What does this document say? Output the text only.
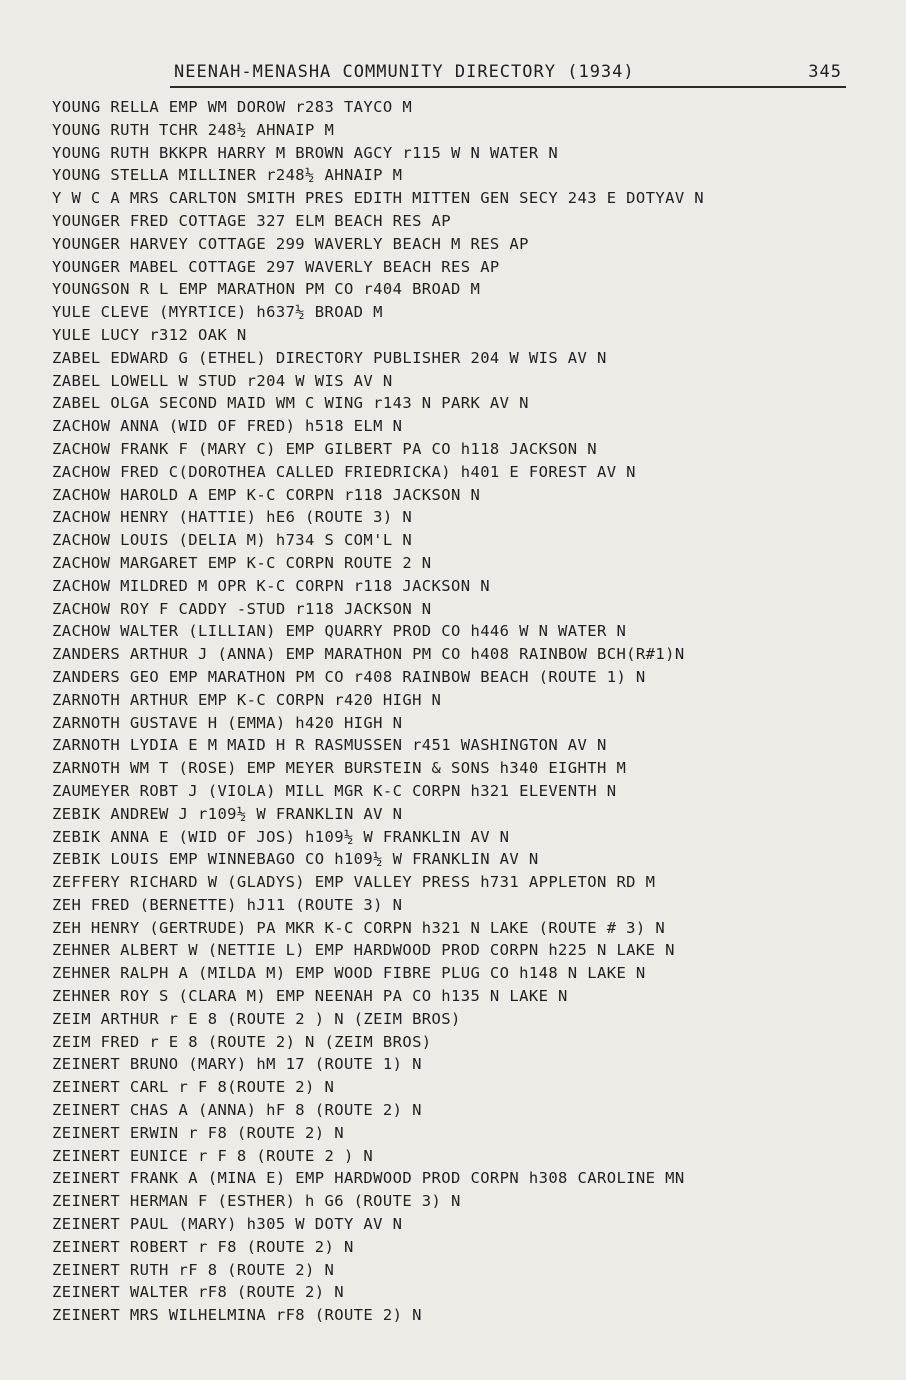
NEENAH-MENASHA COMMUNITY DIRECTORY (1934)	345
YOUNG RELLA EMP WM DOROW r283 TAYCO M
YOUNG RUTH TCHR 248½ AHNAIP M
YOUNG RUTH BKKPR HARRY M BROWN AGCY r115 W N WATER N
YOUNG STELLA MILLINER r248½ AHNAIP M
Y W C A MRS CARLTON SMITH PRES EDITH MITTEN GEN SECY 243 E DOTYAV N
YOUNGER FRED COTTAGE 327 ELM BEACH RES AP
YOUNGER HARVEY COTTAGE 299 WAVERLY BEACH M RES AP
YOUNGER MABEL COTTAGE 297 WAVERLY BEACH RES AP
YOUNGSON R L EMP MARATHON PM CO r404 BROAD M
YULE CLEVE (MYRTICE) h637½ BROAD M
YULE LUCY r312 OAK N
ZABEL EDWARD G (ETHEL) DIRECTORY PUBLISHER 204 W WIS AV N
ZABEL LOWELL W STUD r204 W WIS AV N
ZABEL OLGA SECOND MAID WM C WING r143 N PARK AV N
ZACHOW ANNA (WID OF FRED) h518 ELM N
ZACHOW FRANK F (MARY C) EMP GILBERT PA CO h118 JACKSON N
ZACHOW FRED C(DOROTHEA CALLED FRIEDRICKA) h401 E FOREST AV N
ZACHOW HAROLD A EMP K-C CORPN r118 JACKSON N
ZACHOW HENRY (HATTIE) hE6 (ROUTE 3) N
ZACHOW LOUIS (DELIA M) h734 S COM'L N
ZACHOW MARGARET EMP K-C CORPN ROUTE 2 N
ZACHOW MILDRED M OPR K-C CORPN r118 JACKSON N
ZACHOW ROY F CADDY -STUD r118 JACKSON N
ZACHOW WALTER (LILLIAN) EMP QUARRY PROD CO h446 W N WATER N
ZANDERS ARTHUR J (ANNA) EMP MARATHON PM CO h408 RAINBOW BCH(R#1)N
ZANDERS GEO EMP MARATHON PM CO r408 RAINBOW BEACH (ROUTE 1) N
ZARNOTH ARTHUR EMP K-C CORPN r420 HIGH N
ZARNOTH GUSTAVE H (EMMA) h420 HIGH N
ZARNOTH LYDIA E M MAID H R RASMUSSEN r451 WASHINGTON AV N
ZARNOTH WM T (ROSE) EMP MEYER BURSTEIN & SONS h340 EIGHTH M
ZAUMEYER ROBT J (VIOLA) MILL MGR K-C CORPN h321 ELEVENTH N
ZEBIK ANDREW J r109½ W FRANKLIN AV N
ZEBIK ANNA E (WID OF JOS) h109½ W FRANKLIN AV N
ZEBIK LOUIS EMP WINNEBAGO CO h109½ W FRANKLIN AV N
ZEFFERY RICHARD W (GLADYS) EMP VALLEY PRESS h731 APPLETON RD M
ZEH FRED (BERNETTE) hJ11 (ROUTE 3) N
ZEH HENRY (GERTRUDE) PA MKR K-C CORPN h321 N LAKE (ROUTE # 3) N
ZEHNER ALBERT W (NETTIE L) EMP HARDWOOD PROD CORPN h225 N LAKE N
ZEHNER RALPH A (MILDA M) EMP WOOD FIBRE PLUG CO h148 N LAKE N
ZEHNER ROY S (CLARA M) EMP NEENAH PA CO h135 N LAKE N
ZEIM ARTHUR r E 8 (ROUTE 2 ) N (ZEIM BROS)
ZEIM FRED r E 8 (ROUTE 2) N (ZEIM BROS)
ZEINERT BRUNO (MARY) hM 17 (ROUTE 1) N
ZEINERT CARL r F 8(ROUTE 2) N
ZEINERT CHAS A (ANNA) hF 8 (ROUTE 2) N
ZEINERT ERWIN r F8 (ROUTE 2) N
ZEINERT EUNICE r F 8 (ROUTE 2 ) N
ZEINERT FRANK A (MINA E) EMP HARDWOOD PROD CORPN h308 CAROLINE MN
ZEINERT HERMAN F (ESTHER) h G6 (ROUTE 3) N
ZEINERT PAUL (MARY) h305 W DOTY AV N
ZEINERT ROBERT r F8 (ROUTE 2) N
ZEINERT RUTH rF 8 (ROUTE 2) N
ZEINERT WALTER rF8 (ROUTE 2) N
ZEINERT MRS WILHELMINA rF8 (ROUTE 2) N
